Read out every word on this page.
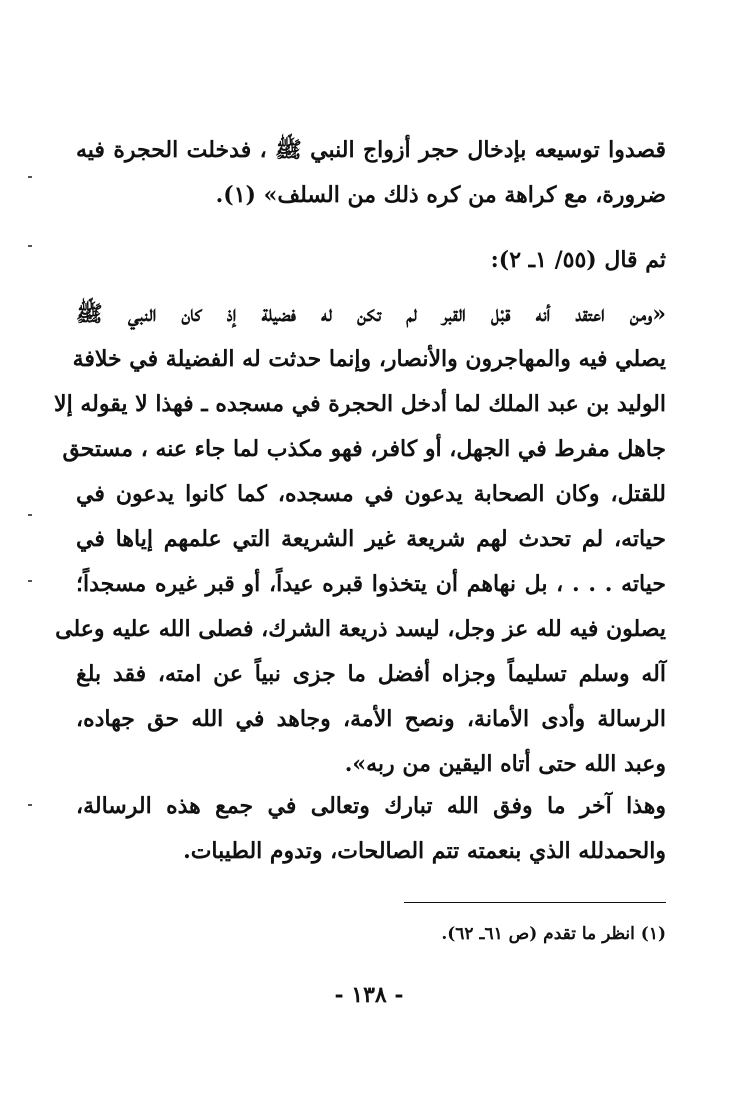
قصدوا توسيعه بإدخال حجر أزواج النبي ﷺ ، فدخلت الحجرة فيه
ضرورة، مع كراهة من كره ذلك من السلف» (١).
ثم قال (٥٥/ ١ـ ٢):
«ومن اعتقد أنه قبْل القبر لم تكن له فضيلة إذ كان النبي ﷺ
يصلي فيه والمهاجرون والأنصار، وإنما حدثت له الفضيلة في خلافة
الوليد بن عبد الملك لما أدخل الحجرة في مسجده ـ فهذا لا يقوله إلا
جاهل مفرط في الجهل، أو كافر، فهو مكذب لما جاء عنه ، مستحق
للقتل، وكان الصحابة يدعون في مسجده، كما كانوا يدعون في
حياته، لم تحدث لهم شريعة غير الشريعة التي علمهم إياها في
حياته . . . ، بل نهاهم أن يتخذوا قبره عيداً، أو قبر غيره مسجداً؛
يصلون فيه لله عز وجل، ليسد ذريعة الشرك، فصلى الله عليه وعلى
آله وسلم تسليماً وجزاه أفضل ما جزى نبياً عن امته، فقد بلغ
الرسالة وأدى الأمانة، ونصح الأمة، وجاهد في الله حق جهاده،
وعبد الله حتى أتاه اليقين من ربه».
وهذا آخر ما وفق الله تبارك وتعالى في جمع هذه الرسالة،
والحمدلله الذي بنعمته تتم الصالحات، وتدوم الطيبات.
(١) انظر ما تقدم (ص ٦١ـ ٦٢).
- ١٣٨ -
